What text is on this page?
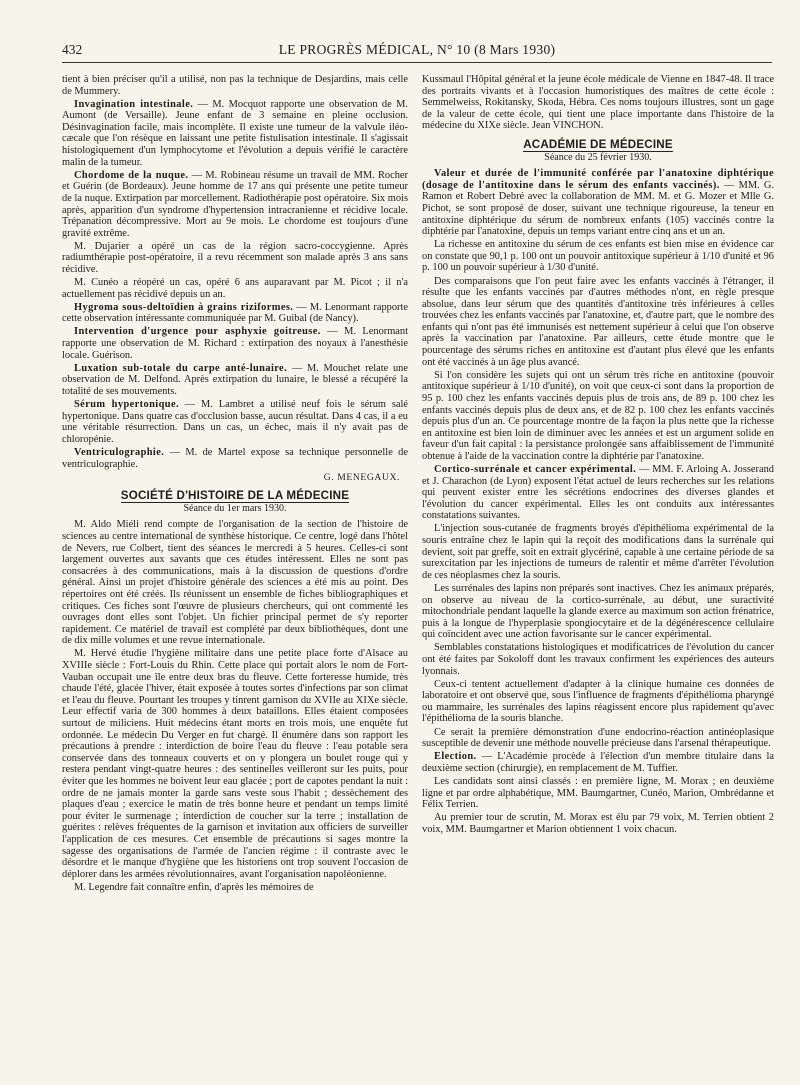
432	LE PROGRÈS MÉDICAL, N° 10 (8 Mars 1930)

tient à bien préciser qu'il a utilisé, non pas la technique de Desjardins, mais celle de Mummery.

Invagination intestinale. — M. Mocquot rapporte une observation de M. Aumont (de Versaille). Jeune enfant de 3 semaine en pleine occlusion. Désinvagination facile, mais incomplète. Il existe une tumeur de la valvule iléo-cæcale que l'on résèque en laissant une petite fistulisation intestinale. Il s'agissait histologiquement d'un lymphocytome et l'évolution a depuis vérifié le caractère malin de la tumeur.

Chordome de la nuque. — M. Robineau résume un travail de MM. Rocher et Guérin (de Bordeaux). Jeune homme de 17 ans qui présente une petite tumeur de la nuque. Extirpation par morcellement. Radiothérapie post opératoire. Six mois après, apparition d'un syndrome d'hypertension intracranienne et récidive locale. Trépanation décompressive. Mort au 9e mois. Le chordome est toujours d'une gravité extrême.

M. Dujarier a opéré un cas de la région sacro-coccygienne. Après radiumthérapie post-opératoire, il a revu récemment son malade après 3 ans sans récidive.

M. Cunéo a réopéré un cas, opéré 6 ans auparavant par M. Picot ; il n'a actuellement pas récidivé depuis un an.

Hygroma sous-deltoïdien à grains riziformes. — M. Lenormant rapporte cette observation intéressante communiquée par M. Guibal (de Nancy).

Intervention d'urgence pour asphyxie goitreuse. — M. Lenormant rapporte une observation de M. Richard : extirpation des noyaux à l'anesthésie locale. Guérison.

Luxation sub-totale du carpe anté-lunaire. — M. Mouchet relate une observation de M. Delfond. Après extirpation du lunaire, le blessé a récupéré la totalité de ses mouvements.

Sérum hypertonique. — M. Lambret a utilisé neuf fois le sérum salé hypertonique. Dans quatre cas d'occlusion basse, aucun résultat. Dans 4 cas, il a eu une véritable résurrection. Dans un cas, un échec, mais il n'y avait pas de chloropénie.

Ventriculographie. — M. de Martel expose sa technique personnelle de ventriculographie.

G. MENEGAUX.
SOCIÉTÉ D'HISTOIRE DE LA MÉDECINE
Séance du 1er mars 1930.

M. Aldo Miéli rend compte de l'organisation de la section de l'histoire de sciences au centre international de synthèse historique. Ce centre, logé dans l'hôtel de Nevers, rue Colbert, tient des séances le mercredi à 5 heures. Celles-ci sont largement ouvertes aux savants que ces études intéressent. Elles ne sont pas consacrées à des communications, mais à la discussion de questions d'ordre général. Ainsi un projet d'histoire générale des sciences a été mis au point. Des répertoires ont été créés. Ils réunissent un ensemble de fiches bibliographiques et critiques. Ces fiches sont l'œuvre de plusieurs chercheurs, qui ont commenté les ouvrages dont elles sont l'objet. Un fichier principal permet de s'y reporter rapidement. Ce matériel de travail est complété par deux bibliothèques, dont une de dix mille volumes et une revue internationale.

M. Hervé étudie l'hygiène militaire dans une petite place forte d'Alsace au XVIIIe siècle : Fort-Louis du Rhin. Cette place qui portait alors le nom de Fort-Vauban occupait une île entre deux bras du fleuve. Cette forteresse humide, très chaude l'été, glacée l'hiver, était exposée à toutes sortes d'infections par son climat et l'eau du fleuve. Pourtant les troupes y tinrent garnison du XVIIe au XIXe siècle. Leur effectif varia de 300 hommes à deux bataillons. Elles étaient composées surtout de miliciens. Huit médecins étant morts en trois mois, une enquête fut ordonnée. Le médecin Du Verger en fut chargé. Il énumère dans son rapport les précautions à prendre : interdiction de boire l'eau du fleuve : l'eau potable sera conservée dans des tonneaux couverts et on y plongera un boulet rouge qui y restera pendant vingt-quatre heures : des sentinelles veilleront sur les puits, pour éviter que les hommes ne boivent leur eau glacée ; port de capotes pendant la nuit : ordre de ne jamais monter la garde sans veste sous l'habit ; dessèchement des plaques d'eau ; exercice le matin de très bonne heure et pendant un temps limité pour éviter le surmenage ; interdiction de coucher sur la terre ; installation de guérites : relèves fréquentes de la garnison et invitation aux officiers de surveiller l'application de ces mesures. Cet ensemble de précautions si sages montre la sagesse des organisations de l'armée de l'ancien régime : il contraste avec le désordre et le manque d'hygiène que les historiens ont trop souvent l'occasion de déplorer dans les armées révolutionnaires, avant l'organisation napoléonienne.

M. Legendre fait connaître enfin, d'après les mémoires de

Kussmaul l'Hôpital général et la jeune école médicale de Vienne en 1847-48. Il trace des portraits vivants et à l'occasion humoristiques des maîtres de cette école : Semmelweiss, Rokitansky, Skoda, Hébra. Ces noms toujours illustres, sont un gage de la valeur de cette école, qui tient une place importante dans l'histoire de la médecine du XIXe siècle. Jean VINCHON.

ACADÉMIE DE MÉDECINE
Séance du 25 février 1930.

Valeur et durée de l'immunité conférée par l'anatoxine diphtérique (dosage de l'antitoxine dans le sérum des enfants vaccinés). — MM. G. Ramon et Robert Debré avec la collaboration de MM. M. et G. Mozer et Mlle G. Pichot, se sont proposé de doser, suivant une technique rigoureuse, la teneur en antitoxine diphtérique du sérum de nombreux enfants (105) vaccinés contre la diphtérie par l'anatoxine, depuis un temps variant entre cinq ans et un an.

La richesse en antitoxine du sérum de ces enfants est bien mise en évidence car on constate que 90,1 p. 100 ont un pouvoir antitoxique supérieur à 1/10 d'unité et 96 p. 100 un pouvoir supérieur à 1/30 d'unité.

Des comparaisons que l'on peut faire avec les enfants vaccinés à l'étranger, il résulte que les enfants vaccinés par d'autres méthodes n'ont, en règle presque absolue, dans leur sérum que des quantités d'antitoxine très inférieures à celles trouvées chez les enfants vaccinés par l'anatoxine, et, d'autre part, que le nombre des enfants qui n'ont pas été immunisés est nettement supérieur à celui que l'on observe après la vaccination par l'anatoxine. Par ailleurs, cette étude montre que le pourcentage des sérums riches en antitoxine est d'autant plus élevé que les enfants ont été vaccinés à un âge plus avancé.

Si l'on considère les sujets qui ont un sérum très riche en antitoxine (pouvoir antitoxique supérieur à 1/10 d'unité), on voit que ceux-ci sont dans la proportion de 95 p. 100 chez les enfants vaccinés depuis plus de trois ans, de 89 p. 100 chez les enfants vaccinés depuis plus de deux ans, et de 82 p. 100 chez les enfants vaccinés depuis plus d'un an. Ce pourcentage montre de la façon la plus nette que la richesse en antitoxine est bien loin de diminuer avec les années et est un argument solide en faveur d'un fait capital : la persistance prolongée sans affaiblissement de l'immunité obtenue à l'aide de la vaccination contre la diphtérie par l'anatoxine.

Cortico-surrénale et cancer expérimental. — MM. F. Arloing A. Josserand et J. Charachon (de Lyon) exposent l'état actuel de leurs recherches sur les relations qui peuvent exister entre les sécrétions endocrines des diverses glandes et l'évolution du cancer expérimental. Elles les ont conduits aux intéressantes constatations suivantes.

L'injection sous-cutanée de fragments broyés d'épithélioma expérimental de la souris entraîne chez le lapin qui la reçoit des modifications dans la surrénale qui devient, soit par greffe, soit en extrait glycériné, capable à une certaine période de sa surexcitation par les injections de tumeurs de ralentir et même d'arrêter l'évolution de ces néoplasmes chez la souris.

Les surrénales des lapins non préparés sont inactives. Chez les animaux préparés, on observe au niveau de la cortico-surrénale, au début, une suractivité mitochondriale pendant laquelle la glande exerce au maximum son action frénatrice, puis à la longue de l'hyperplasie spongiocytaire et de la dégénérescence cellulaire qui coïncident avec une action favorisante sur le cancer expérimental.

Semblables constatations histologiques et modificatrices de l'évolution du cancer ont été faites par Sokoloff dont les travaux confirment les expériences des auteurs lyonnais.

Ceux-ci tentent actuellement d'adapter à la clinique humaine ces données de laboratoire et ont observé que, sous l'influence de fragments d'épithélioma pharyngé ou mammaire, les surrénales des lapins réagissent encore plus rapidement qu'avec l'épithélioma de la souris blanche.

Ce serait la première démonstration d'une endocrino-réaction antinéoplasique susceptible de devenir une méthode nouvelle précieuse dans l'arsenal thérapeutique.

Election. — L'Académie procède à l'élection d'un membre titulaire dans la deuxième section (chirurgie), en remplacement de M. Tuffier.

Les candidats sont ainsi classés : en première ligne, M. Morax ; en deuxième ligne et par ordre alphabétique, MM. Baumgartner, Cunéo, Marion, Ombrédanne et Félix Terrien.

Au premier tour de scrutin, M. Morax est élu par 79 voix, M. Terrien obtient 2 voix, MM. Baumgartner et Marion obtiennent 1 voix chacun.
